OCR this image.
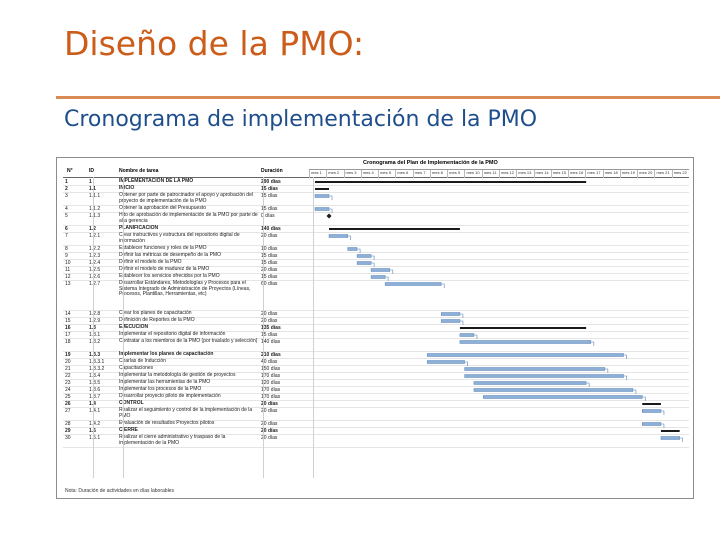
Diseño de la PMO:
Cronograma de implementación de la PMO
N°	ID	Nombre de tarea	Duración
Cronograma del Plan de Implementación de la PMO
mes 1	mes 2	mes 3	mes 4	mes 5	mes 6	mes 7	mes 8	mes 9	mes 10	mes 11	mes 12	mes 13	mes 14	mes 15	mes 16	mes 17	mes 18	mes 19	mes 20	mes 21	mes 22
1	1	IMPLEMENTACIÓN DE LA PMO	290 días
2	1.1	INICIO	15 días
3	1.1.1	Obtener por parte de patrocinador el apoyo y aprobación del proyecto de implementación de la PMO
15 días
4	1.1.2	Obtener la aprobación del Presupuesto	15 días
5	1.1.3	Hito de aprobación de implementación de la PMO por parte de alta gerencia
0 días
6	1.2	PLANIFICACION	140 días
7	1.2.1	Crear instructivos y estructura del repositorio digital de información
20 días
8	1.2.2	Establecer funciones y roles de la PMO	10 días
9	1.2.3	Definir las métricas de desempeño de la PMO	15 días
10	1.2.4	Definir el modelo de la PMO	15 días
11	1.2.5	Definir el modelo de madurez de la PMO	20 días
12	1.2.6	Establecer los servicios ofrecidos por la PMO	15 días
13	1.2.7	Desarrollar Estándares, Metodologías y Procesos para el Sistema Integrado de Administración de Proyectos (Líneas, Procesos, Plantillas, Herramientas, etc)
60 días
14	1.2.8	Crear los planes de capacitación	20 días
15	1.2.9	Definición de Reportes de la PMO	20 días
16	1.3	EJECUCION	135 días
17	1.3.1	Implementar el repositorio digital de información	15 días
18	1.3.2	Contratar a los miembros de la PMO (por traslado y selección) 140 días
19	1.3.3	Implementar los planes de capacitación	210 días
20	1.3.3.1	Charlas de Inducción	40 días
21	1.3.3.2	Capacitaciones	150 días
22	1.3.4	Implementar la metodología de gestión de proyectos	170 días
23	1.3.5	Implementar las herramientas de la PMO	120 días
24	1.3.6	Implementar los procesos de la PMO	170 días
25	1.3.7	Desarrollar proyecto piloto de implementación	170 días
26	1.4	CONTROL	20 días
27	1.4.1	Realizar el seguimiento y control de la implementación de la PMO
20 días
28	1.4.2	Evaluación de resultados Proyectos pilotos	20 días
29	1.5	CIERRE	20 días
30	1.5.1	Realizar el cierre administrativo y traspaso de la implementación de la PMO
20 días
Nota: Duración de actividades en días laborables
